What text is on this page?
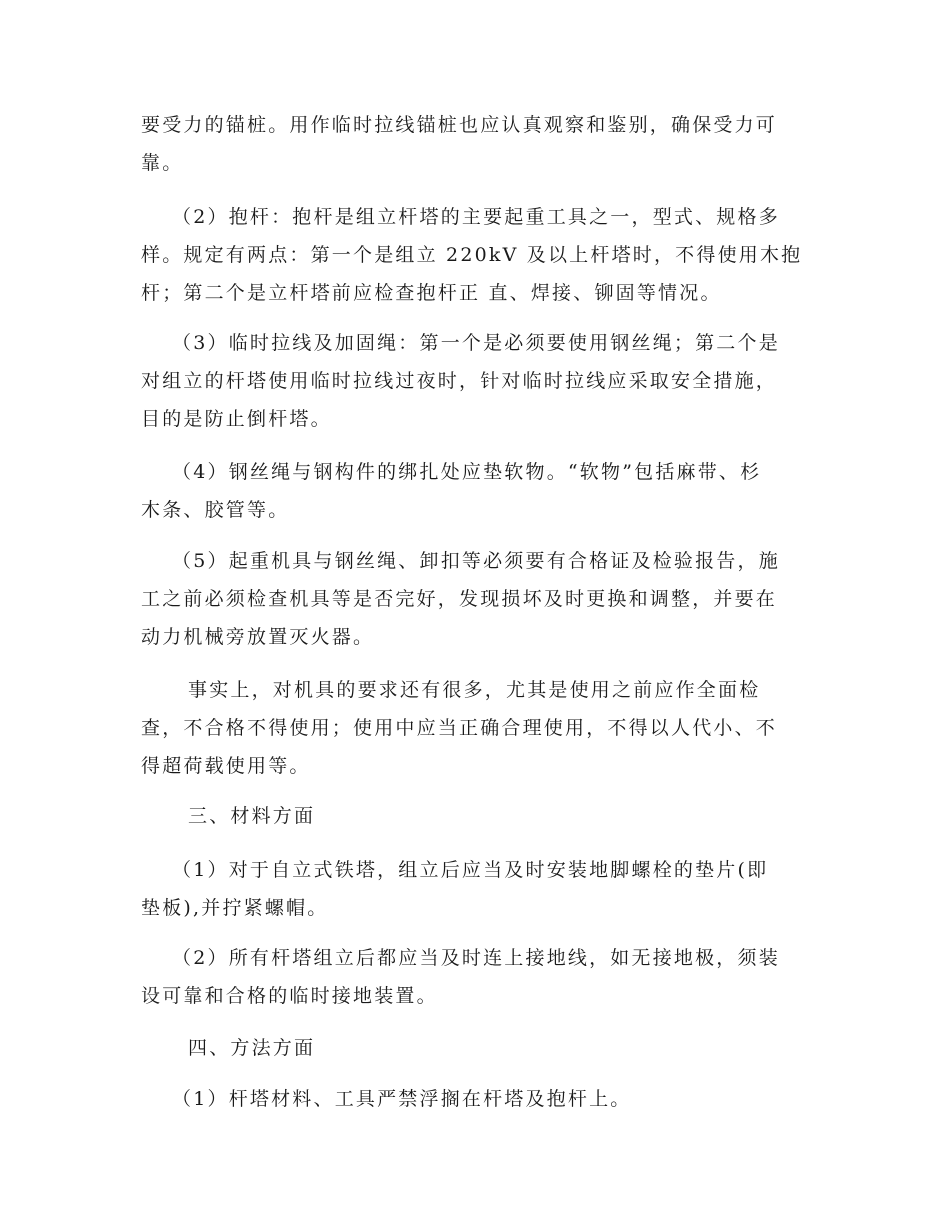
要受力的锚桩。用作临时拉线锚桩也应认真观察和鉴别，确保受力可
靠。
（2）抱杆：抱杆是组立杆塔的主要起重工具之一，型式、规格多
样。规定有两点：第一个是组立 220kV 及以上杆塔时，不得使用木抱
杆；第二个是立杆塔前应检查抱杆正 直、焊接、铆固等情况。
（3）临时拉线及加固绳：第一个是必须要使用钢丝绳；第二个是
对组立的杆塔使用临时拉线过夜时，针对临时拉线应采取安全措施，
目的是防止倒杆塔。
（4）钢丝绳与钢构件的绑扎处应垫软物。“软物”包括麻带、杉
木条、胶管等。
（5）起重机具与钢丝绳、卸扣等必须要有合格证及检验报告，施
工之前必须检查机具等是否完好，发现损坏及时更换和调整，并要在
动力机械旁放置灭火器。
事实上，对机具的要求还有很多，尤其是使用之前应作全面检
查，不合格不得使用；使用中应当正确合理使用，不得以人代小、不
得超荷载使用等。
三、材料方面
（1）对于自立式铁塔，组立后应当及时安装地脚螺栓的垫片(即
垫板),并拧紧螺帽。
（2）所有杆塔组立后都应当及时连上接地线，如无接地极，须装
设可靠和合格的临时接地装置。
四、方法方面
（1）杆塔材料、工具严禁浮搁在杆塔及抱杆上。
